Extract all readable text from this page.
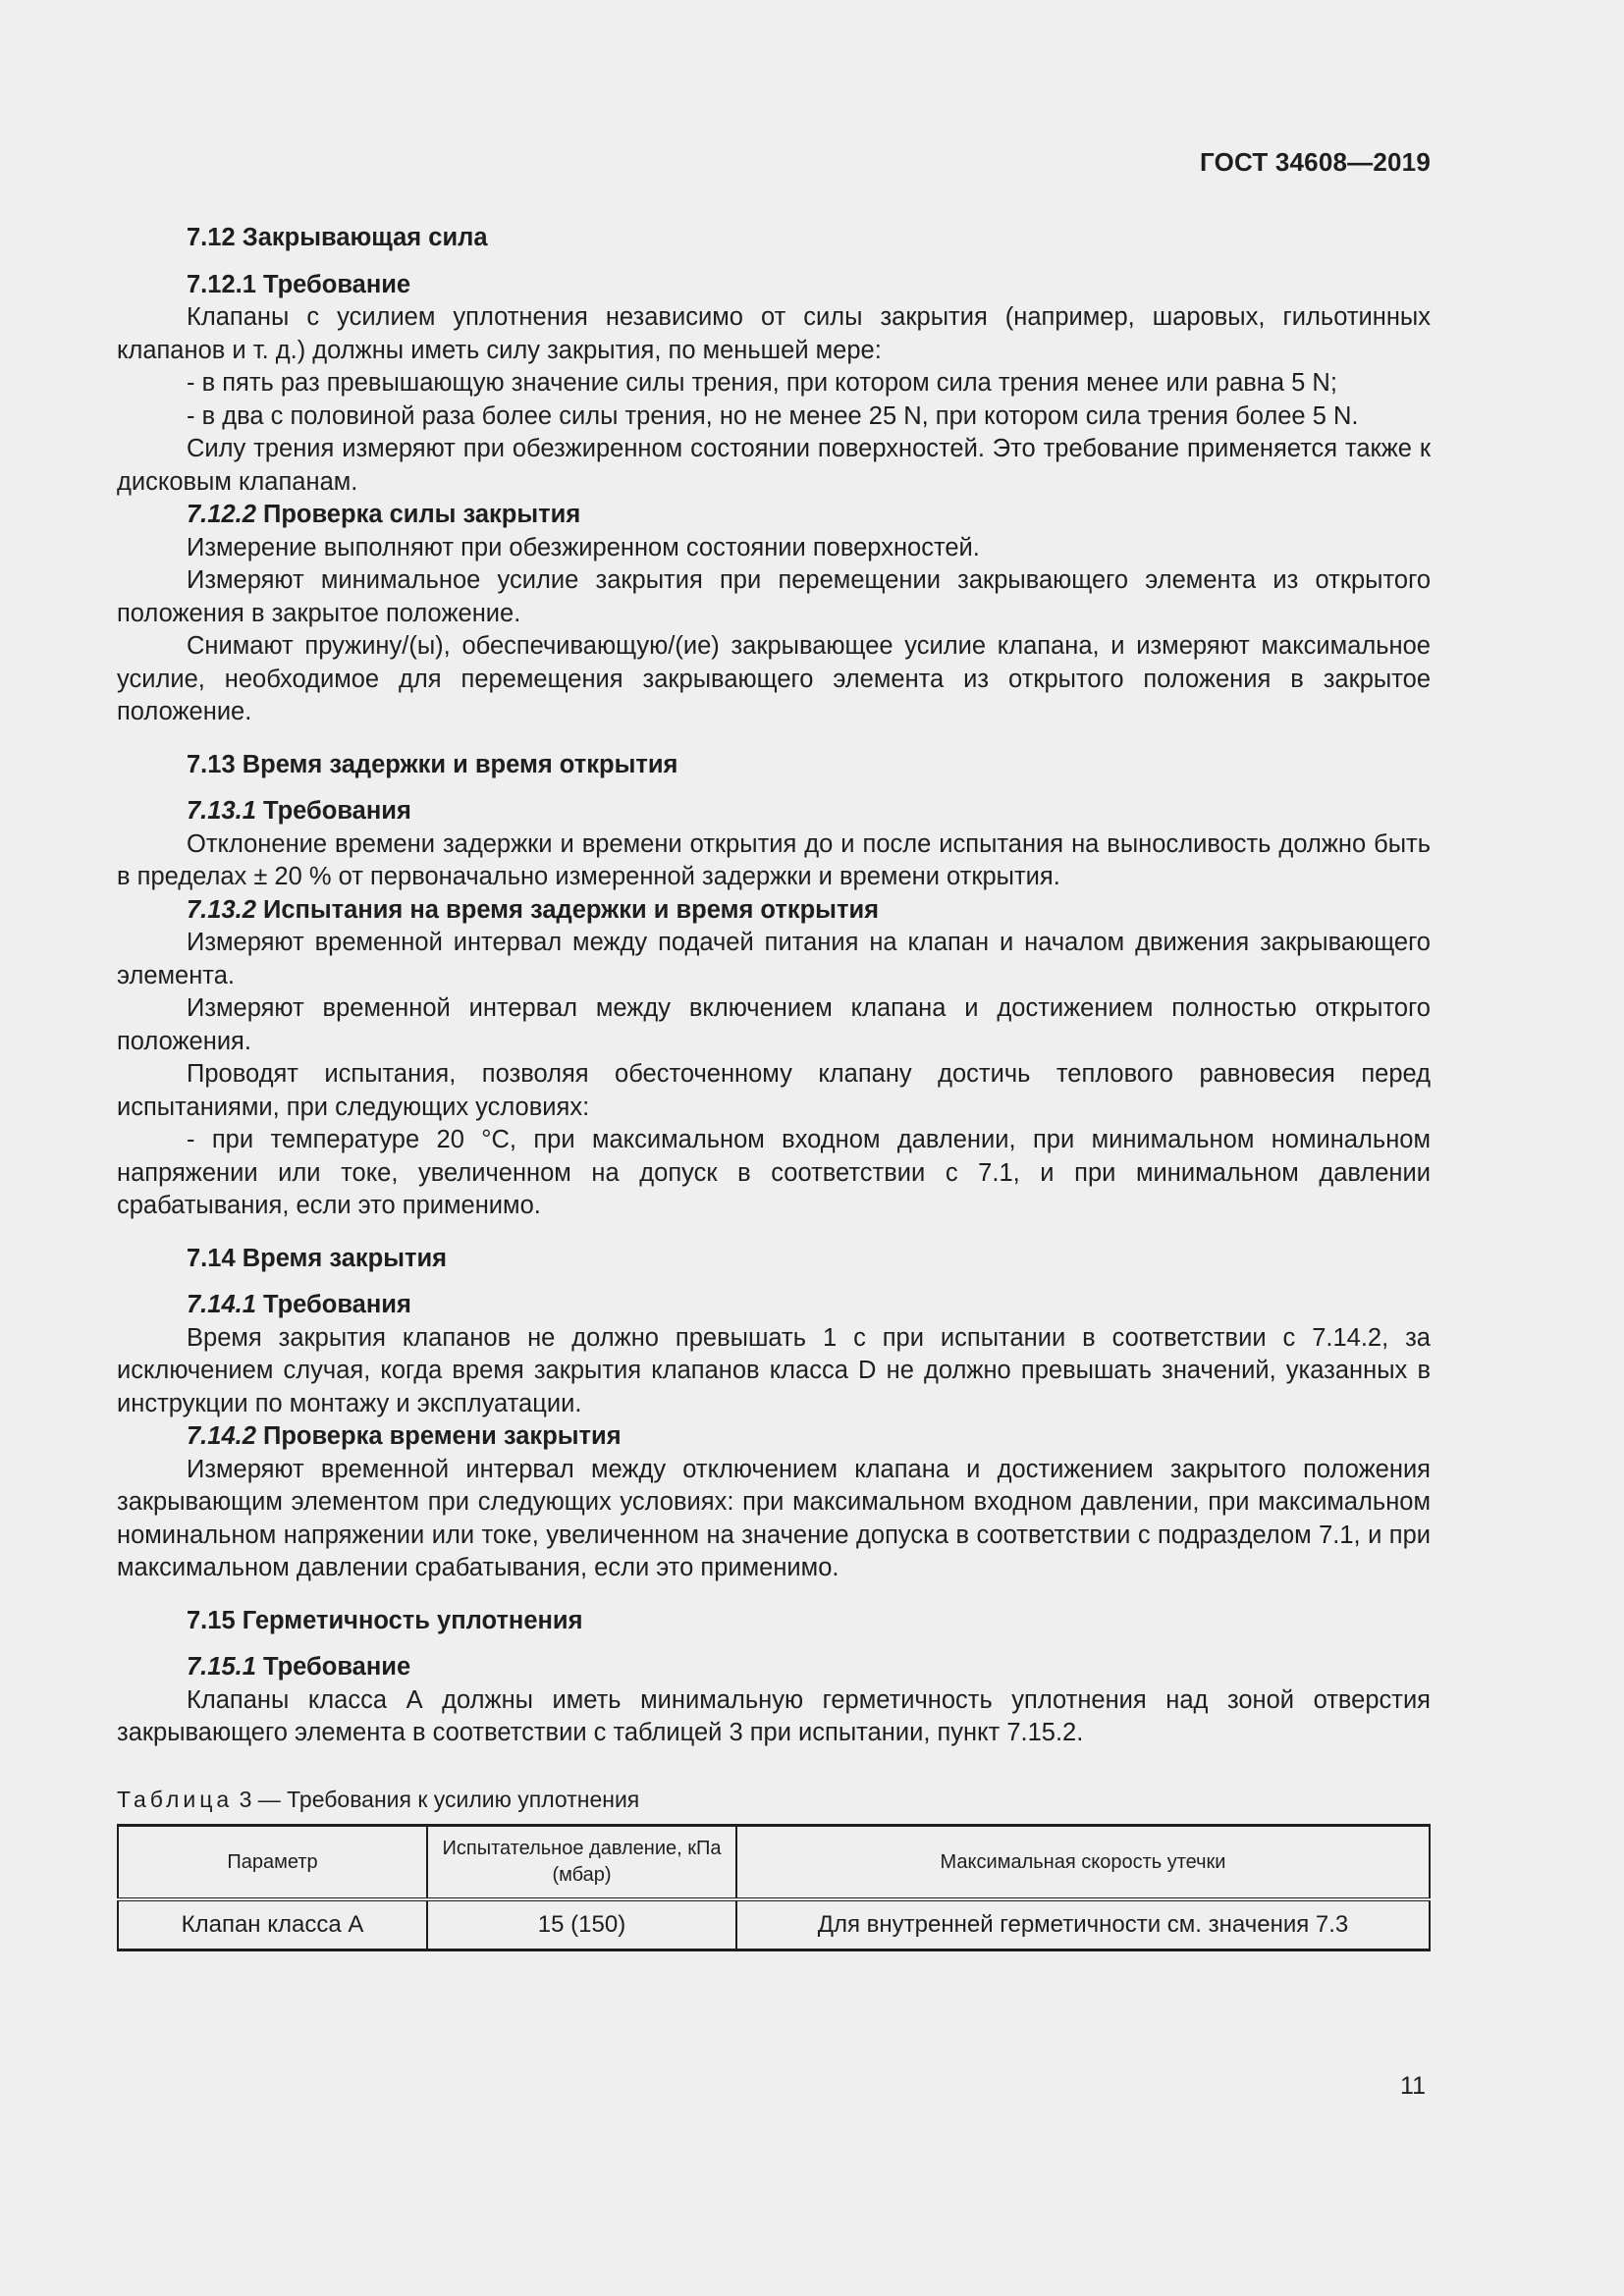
ГОСТ 34608—2019

7.12 Закрывающая сила

7.12.1 Требование

Клапаны с усилием уплотнения независимо от силы закрытия (например, шаровых, гильотинных клапанов и т. д.) должны иметь силу закрытия, по меньшей мере:

- в пять раз превышающую значение силы трения, при котором сила трения менее или равна 5 N;

- в два с половиной раза более силы трения, но не менее 25 N, при котором сила трения более 5 N.

Силу трения измеряют при обезжиренном состоянии поверхностей. Это требование применяется также к дисковым клапанам.

7.12.2 Проверка силы закрытия

Измерение выполняют при обезжиренном состоянии поверхностей.

Измеряют минимальное усилие закрытия при перемещении закрывающего элемента из открытого положения в закрытое положение.

Снимают пружину/(ы), обеспечивающую/(ие) закрывающее усилие клапана, и измеряют максимальное усилие, необходимое для перемещения закрывающего элемента из открытого положения в закрытое положение.

7.13 Время задержки и время открытия

7.13.1 Требования

Отклонение времени задержки и времени открытия до и после испытания на выносливость должно быть в пределах ± 20 % от первоначально измеренной задержки и времени открытия.

7.13.2 Испытания на время задержки и время открытия

Измеряют временной интервал между подачей питания на клапан и началом движения закрывающего элемента.

Измеряют временной интервал между включением клапана и достижением полностью открытого положения.

Проводят испытания, позволяя обесточенному клапану достичь теплового равновесия перед испытаниями, при следующих условиях:

- при температуре 20 °С, при максимальном входном давлении, при минимальном номинальном напряжении или токе, увеличенном на допуск в соответствии с 7.1, и при минимальном давлении срабатывания, если это применимо.

7.14 Время закрытия

7.14.1 Требования

Время закрытия клапанов не должно превышать 1 с при испытании в соответствии с 7.14.2, за исключением случая, когда время закрытия клапанов класса D не должно превышать значений, указанных в инструкции по монтажу и эксплуатации.

7.14.2 Проверка времени закрытия

Измеряют временной интервал между отключением клапана и достижением закрытого положения закрывающим элементом при следующих условиях: при максимальном входном давлении, при максимальном номинальном напряжении или токе, увеличенном на значение допуска в соответствии с подразделом 7.1, и при максимальном давлении срабатывания, если это применимо.

7.15 Герметичность уплотнения

7.15.1 Требование

Клапаны класса А должны иметь минимальную герметичность уплотнения над зоной отверстия закрывающего элемента в соответствии с таблицей 3 при испытании, пункт 7.15.2.

Таблица 3 — Требования к усилию уплотнения

Параметр	Испытательное давление, кПа (мбар)	Максимальная скорость утечки
Клапан класса А	15 (150)	Для внутренней герметичности см. значения 7.3
11
